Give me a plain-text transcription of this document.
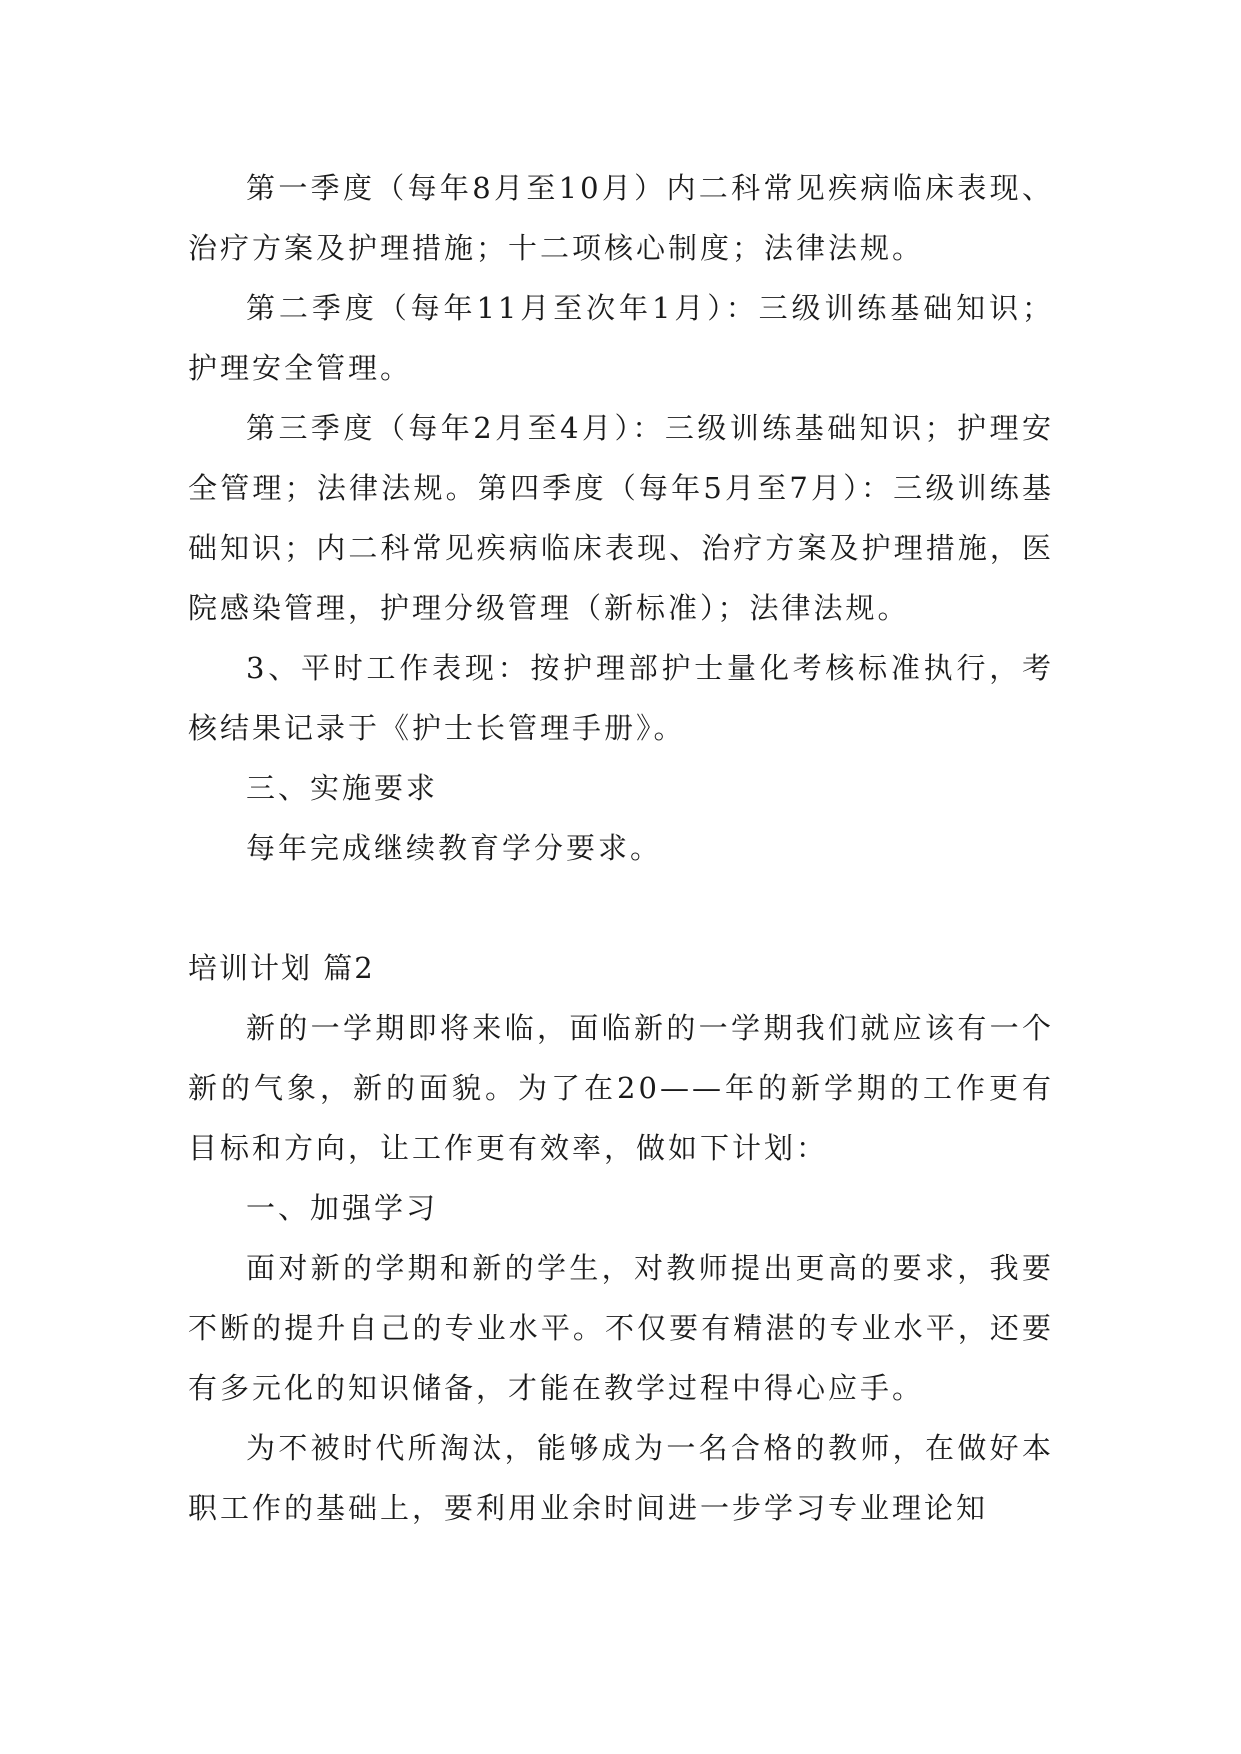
第一季度（每年8月至10月）内二科常见疾病临床表现、治疗方案及护理措施；十二项核心制度；法律法规。

第二季度（每年11月至次年1月）：三级训练基础知识；护理安全管理。

第三季度（每年2月至4月）：三级训练基础知识；护理安全管理；法律法规。第四季度（每年5月至7月）：三级训练基础知识；内二科常见疾病临床表现、治疗方案及护理措施，医院感染管理，护理分级管理（新标准）；法律法规。

3、平时工作表现：按护理部护士量化考核标准执行，考核结果记录于《护士长管理手册》。

三、实施要求

每年完成继续教育学分要求。

培训计划 篇2

新的一学期即将来临，面临新的一学期我们就应该有一个新的气象，新的面貌。为了在20——年的新学期的工作更有目标和方向，让工作更有效率，做如下计划：

一、加强学习

面对新的学期和新的学生，对教师提出更高的要求，我要不断的提升自己的专业水平。不仅要有精湛的专业水平，还要有多元化的知识储备，才能在教学过程中得心应手。

为不被时代所淘汰，能够成为一名合格的教师，在做好本职工作的基础上，要利用业余时间进一步学习专业理论知
